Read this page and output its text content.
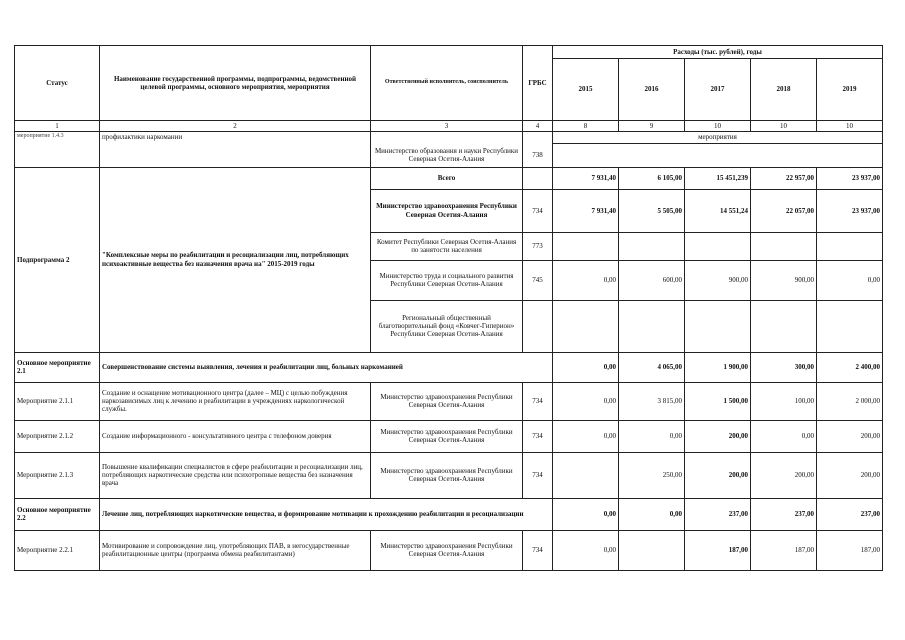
Статус	Наименование государственной программы, подпрограммы, ведомственной целевой программы, основного мероприятия, мероприятия	Ответственный исполнитель, соисполнитель	ГРБС	Расходы (тыс. рублей), годы				
				2015	2016	2017	2018	2019
1	2	3	4	8	9	10	10	10
мероприятие 1.4.3	профилактики наркомании			мероприятия				
		Министерство образования и науки Республики Северная Осетия-Алания	738					
Подпрограмма 2	"Комплексные меры по реабилитации и ресоциализации лиц, потребляющих психоактивные вещества без назначения врача на" 2015-2019 годы	Всего		7 931,40	6 105,00	15 451,239	22 957,00	23 937,00
		Министерство здравоохранения Республики Северная Осетия-Алания	734	7 931,40	5 505,00	14 551,24	22 057,00	23 937,00
		Комитет Республики Северная Осетия-Алания по занятости населения	773					
		Министерство труда и социального развития Республики Северная Осетия-Алания	745	0,00	600,00	900,00	900,00	0,00
		Региональный общественный благотворительный фонд «Ковчег-Гиперион» Республики Северная Осетия-Алания						
Основное мероприятие 2.1	Совершенствование системы выявления, лечения и реабилитации лиц, больных наркоманией			0,00	4 065,00	1 900,00	300,00	2 400,00
Мероприятие 2.1.1	Создание и оснащение мотивационного центра (далее – МЦ) с целью побуждения наркозависимых лиц к лечению и реабилитации в учреждениях наркологической службы.	Министерство здравоохранения Республики Северная Осетия-Алания	734	0,00	3 815,00	1 500,00	100,00	2 000,00
Мероприятие 2.1.2	Создание информационного - консультативного центра с телефоном доверия	Министерство здравоохранения Республики Северная Осетия-Алания	734	0,00	0,00	200,00	0,00	200,00
Мероприятие 2.1.3	Повышение квалификации специалистов в сфере реабилитации и ресоциализации лиц, потребляющих наркотические средства или психотропные вещества без назначения врача	Министерство здравоохранения Республики Северная Осетия-Алания	734		250,00	200,00	200,00	200,00
Основное мероприятие 2.2	Лечение лиц, потребляющих наркотические вещества, и формирование мотивации к прохождению реабилитации и ресоциализации			0,00	0,00	237,00	237,00	237,00
Мероприятие 2.2.1	Мотивирование и сопровождение лиц, употребляющих ПАВ, в негосударственные реабилитационные центры (программа обмена реабилитантами)	Министерство здравоохранения Республики Северная Осетия-Алания	734	0,00		187,00	187,00	187,00
